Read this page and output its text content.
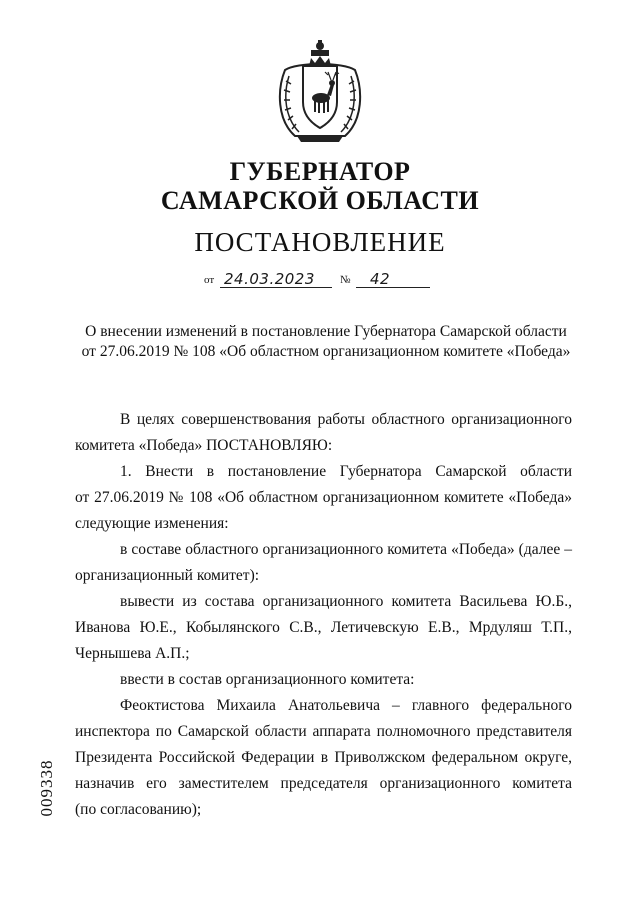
ГУБЕРНАТОР
САМАРСКОЙ ОБЛАСТИ
ПОСТАНОВЛЕНИЕ
от 24.03.2023 № 42
О внесении изменений в постановление Губернатора Самарской области
от 27.06.2019 № 108 «Об областном организационном комитете «Победа»
В целях совершенствования работы областного организационного
комитета «Победа» ПОСТАНОВЛЯЮ:
1. Внести в постановление Губернатора Самарской области
от 27.06.2019 № 108 «Об областном организационном комитете «Победа»
следующие изменения:
в составе областного организационного комитета «Победа» (далее –
организационный комитет):
вывести из состава организационного комитета Васильева Ю.Б.,
Иванова Ю.Е., Кобылянского С.В., Летичевскую Е.В., Мрдуляш Т.П.,
Чернышева А.П.;
ввести в состав организационного комитета:
Феоктистова Михаила Анатольевича – главного федерального
инспектора по Самарской области аппарата полномочного представителя
Президента Российской Федерации в Приволжском федеральном округе,
назначив его заместителем председателя организационного комитета
(по согласованию);
009338
